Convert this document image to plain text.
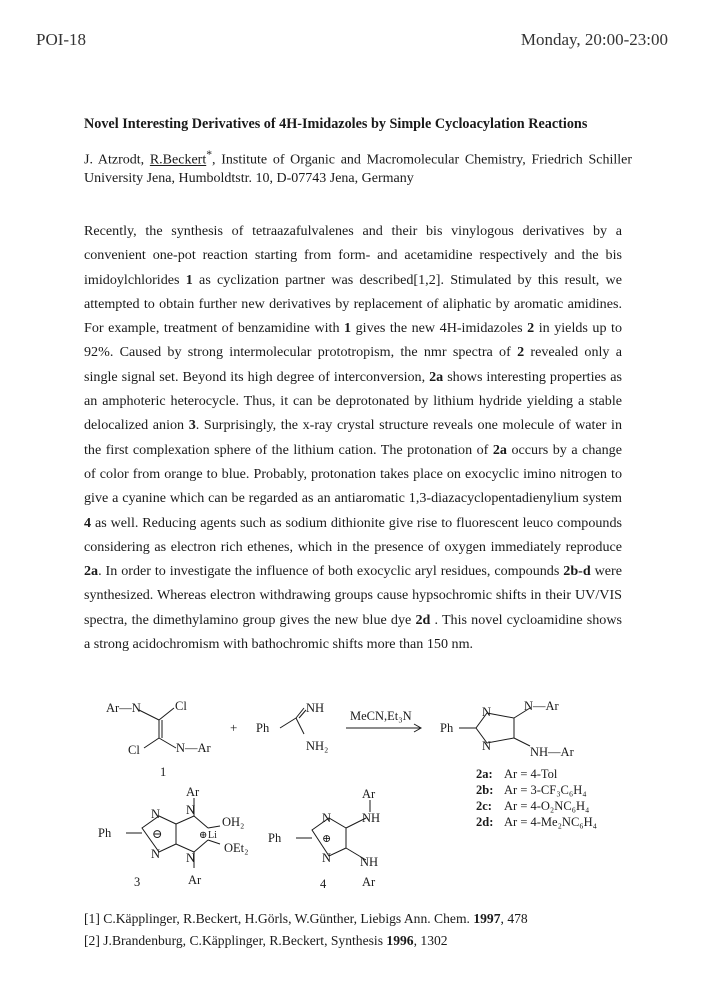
POI-18	Monday, 20:00-23:00
Novel Interesting Derivatives of 4H-Imidazoles by Simple Cycloacylation Reactions
J. Atzrodt, R.Beckert*, Institute of Organic and Macromolecular Chemistry, Friedrich Schiller University Jena, Humboldtstr. 10, D-07743 Jena, Germany
Recently, the synthesis of tetraazafulvalenes and their bis vinylogous derivatives by a convenient one-pot reaction starting from form- and acetamidine respectively and the bis imidoylchlorides 1 as cyclization partner was described[1,2]. Stimulated by this result, we attempted to obtain further new derivatives by replacement of aliphatic by aromatic amidines. For example, treatment of benzamidine with 1 gives the new 4H-imidazoles 2 in yields up to 92%. Caused by strong intermolecular prototropism, the nmr spectra of 2 revealed only a single signal set. Beyond its high degree of interconversion, 2a shows interesting properties as an amphoteric heterocycle. Thus, it can be deprotonated by lithium hydride yielding a stable delocalized anion 3. Surprisingly, the x-ray crystal structure reveals one molecule of water in the first complexation sphere of the lithium cation. The protonation of 2a occurs by a change of color from orange to blue. Probably, protonation takes place on exocyclic imino nitrogen to give a cyanine which can be regarded as an antiaromatic 1,3-diazacyclopentadienylium system 4 as well. Reducing agents such as sodium dithionite give rise to fluorescent leuco compounds considering as electron rich ethenes, which in the presence of oxygen immediately reproduce 2a. In order to investigate the influence of both exocyclic aryl residues, compounds 2b-d were synthesized. Whereas electron withdrawing groups cause hypsochromic shifts in their UV/VIS spectra, the dimethylamino group gives the new blue dye 2d . This novel cycloamidine shows a strong acidochromism with bathochromic shifts more than 150 nm.
Ar—N	Cl
Cl	N—Ar
1
+ Ph
NH
NH₂
MeCN,Et₃N
Ph
N
N
N—Ar
NH—Ar
2a: Ar = 4-Tol
2b: Ar = 3-CF₃C₆H₄
2c: Ar = 4-O₂NC₆H₄
2d: Ar = 4-Me₂NC₆H₄
Ar
Ph
N
N
N
N
⊖	⊕ Li
OH₂
OEt₂
Ar
3
Ar
NH
Ph
N
N
⊕
NH
Ar
4
[1] C.Käpplinger, R.Beckert, H.Görls, W.Günther, Liebigs Ann. Chem. 1997, 478
[2] J.Brandenburg, C.Käpplinger, R.Beckert, Synthesis 1996, 1302
